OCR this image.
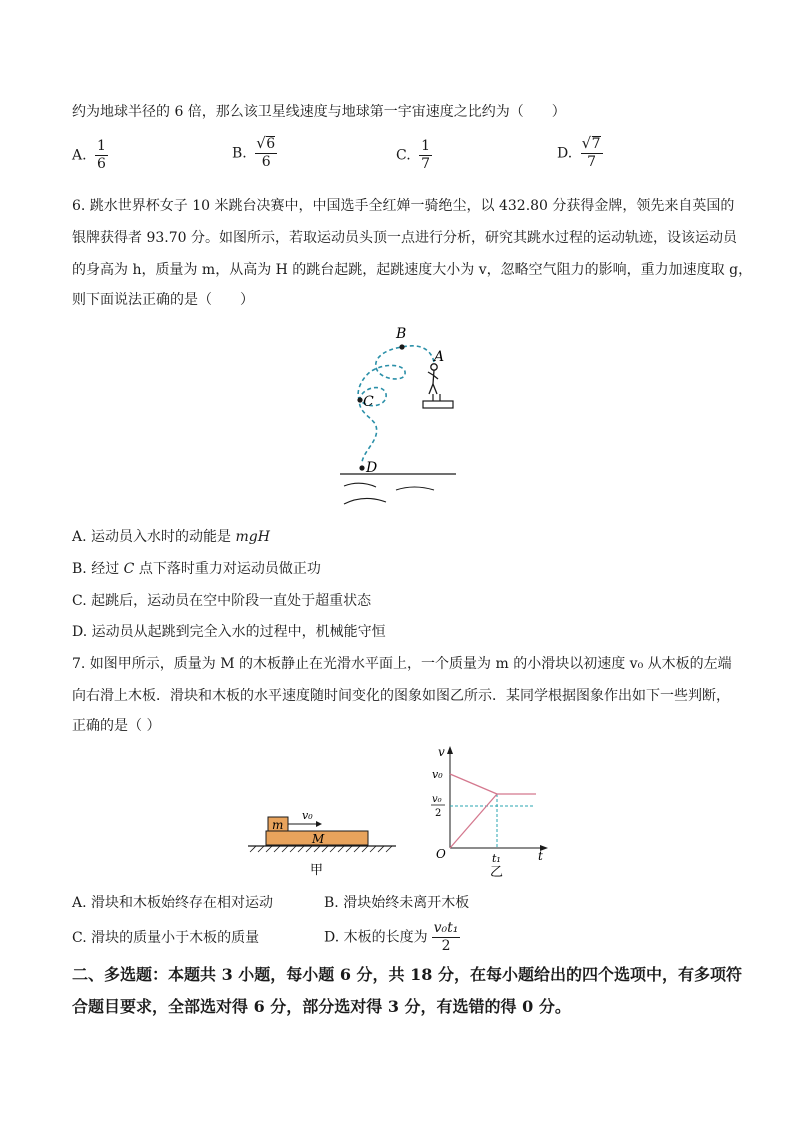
约为地球半径的 6 倍，那么该卫星线速度与地球第一宇宙速度之比约为（　　）
A. $\frac{1}{6}$	B. √ $\frac{6}{6}$	C. $\frac{1}{7}$	D. √ $\frac{7}{7}$
6. 跳水世界杯女子 10 米跳台决赛中，中国选手全红婵一骑绝尘，以 432.80 分获得金牌，领先来自英国的
银牌获得者 93.70 分。如图所示，若取运动员头顶一点进行分析，研究其跳水过程的运动轨迹，设该运动员
的身高为 h，质量为 m，从高为 H 的跳台起跳，起跳速度大小为 v，忽略空气阻力的影响，重力加速度取 g，
则下面说法正确的是（　　）
B
A
C
D
A. 运动员入水时的动能是 mgH
B. 经过 C 点下落时重力对运动员做正功
C. 起跳后，运动员在空中阶段一直处于超重状态
D. 运动员从起跳到完全入水的过程中，机械能守恒
7. 如图甲所示，质量为 M 的木板静止在光滑水平面上，一个质量为 m 的小滑块以初速度 v₀ 从木板的左端
向右滑上木板．滑块和木板的水平速度随时间变化的图象如图乙所示．某同学根据图象作出如下一些判断，
正确的是（ ）
m
M
v₀
甲
v
t
O
v₀
v₀
2
t₁
乙
A. 滑块和木板始终存在相对运动	B. 滑块始终未离开木板
C. 滑块的质量小于木板的质量	D. 木板的长度为 $\frac{\text{v₀t₁}}{2}$
二、多选题：本题共 3 小题，每小题 6 分，共 18 分，在每小题给出的四个选项中，有多项符
合题目要求，全部选对得 6 分，部分选对得 3 分，有选错的得 0 分。
